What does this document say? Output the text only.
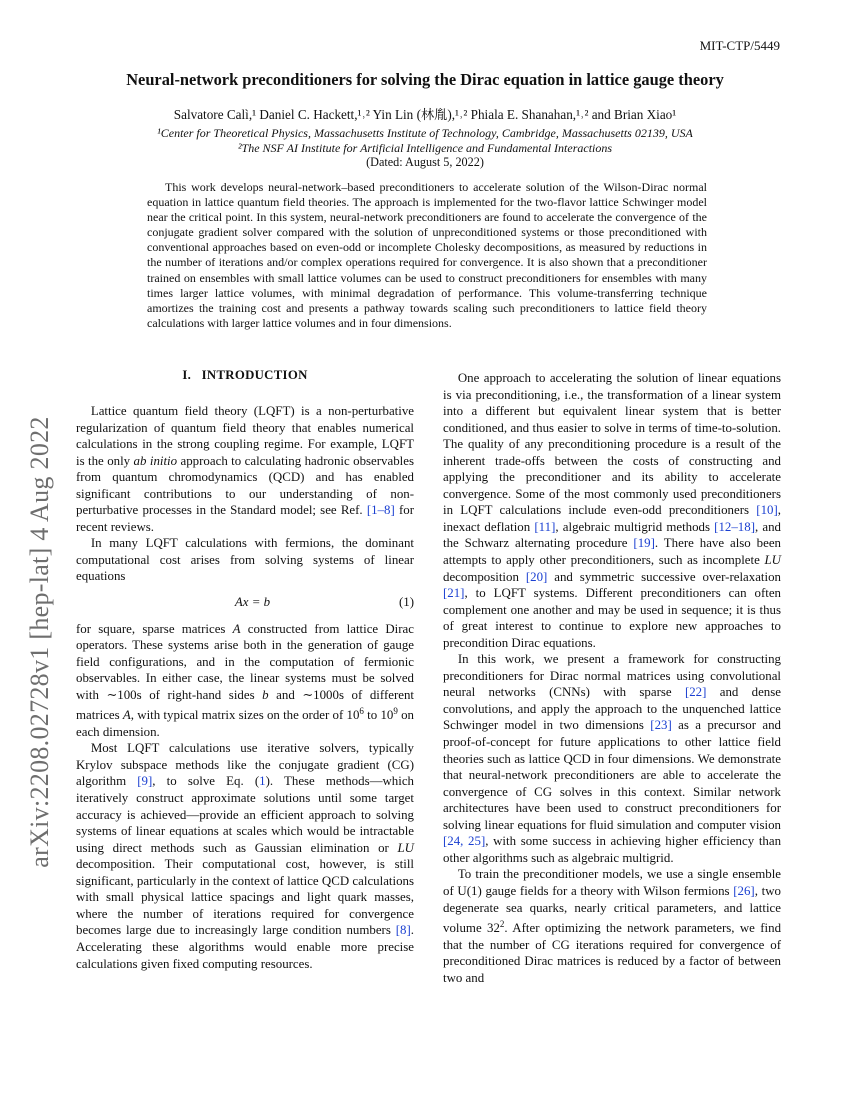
MIT-CTP/5449
Neural-network preconditioners for solving the Dirac equation in lattice gauge theory
Salvatore Calì,¹ Daniel C. Hackett,¹˒² Yin Lin (林胤),¹˒² Phiala E. Shanahan,¹˒² and Brian Xiao¹
¹Center for Theoretical Physics, Massachusetts Institute of Technology, Cambridge, Massachusetts 02139, USA
²The NSF AI Institute for Artificial Intelligence and Fundamental Interactions
(Dated: August 5, 2022)
This work develops neural-network–based preconditioners to accelerate solution of the Wilson-Dirac normal equation in lattice quantum field theories. The approach is implemented for the two-flavor lattice Schwinger model near the critical point. In this system, neural-network preconditioners are found to accelerate the convergence of the conjugate gradient solver compared with the solution of unpreconditioned systems or those preconditioned with conventional approaches based on even-odd or incomplete Cholesky decompositions, as measured by reductions in the number of iterations and/or complex operations required for convergence. It is also shown that a preconditioner trained on ensembles with small lattice volumes can be used to construct preconditioners for ensembles with many times larger lattice volumes, with minimal degradation of performance. This volume-transferring technique amortizes the training cost and presents a pathway towards scaling such preconditioners to lattice field theory calculations with larger lattice volumes and in four dimensions.
arXiv:2208.02728v1 [hep-lat] 4 Aug 2022
I. INTRODUCTION

Lattice quantum field theory (LQFT) is a non-perturbative regularization of quantum field theory that enables numerical calculations in the strong coupling regime. For example, LQFT is the only ab initio approach to calculating hadronic observables from quantum chromodynamics (QCD) and has enabled significant contributions to our understanding of non-perturbative processes in the Standard model; see Ref. [1–8] for recent reviews.

In many LQFT calculations with fermions, the dominant computational cost arises from solving systems of linear equations

Ax = b	(1)

for square, sparse matrices A constructed from lattice Dirac operators. These systems arise both in the generation of gauge field configurations, and in the computation of fermionic observables. In either case, the linear systems must be solved with ∼100s of right-hand sides b and ∼1000s of different matrices A, with typical matrix sizes on the order of $10^6$ to $10^9$ on each dimension.

Most LQFT calculations use iterative solvers, typically Krylov subspace methods like the conjugate gradient (CG) algorithm [9], to solve Eq. (1). These methods—which iteratively construct approximate solutions until some target accuracy is achieved—provide an efficient approach to solving systems of linear equations at scales which would be intractable using direct methods such as Gaussian elimination or LU decomposition. Their computational cost, however, is still significant, particularly in the context of lattice QCD calculations with small physical lattice spacings and light quark masses, where the number of iterations required for convergence becomes large due to increasingly large condition numbers [8]. Accelerating these algorithms would enable more precise calculations given fixed computing resources.

One approach to accelerating the solution of linear equations is via preconditioning, i.e., the transformation of a linear system into a different but equivalent linear system that is better conditioned, and thus easier to solve in terms of time-to-solution. The quality of any preconditioning procedure is a result of the inherent trade-offs between the costs of constructing and applying the preconditioner and its ability to accelerate convergence. Some of the most commonly used preconditioners in LQFT calculations include even-odd preconditioners [10], inexact deflation [11], algebraic multigrid methods [12–18], and the Schwarz alternating procedure [19]. There have also been attempts to apply other preconditioners, such as incomplete LU decomposition [20] and symmetric successive over-relaxation [21], to LQFT systems. Different preconditioners can often complement one another and may be used in sequence; it is thus of great interest to continue to explore new approaches to precondition Dirac equations.

In this work, we present a framework for constructing preconditioners for Dirac normal matrices using convolutional neural networks (CNNs) with sparse [22] and dense convolutions, and apply the approach to the unquenched lattice Schwinger model in two dimensions [23] as a precursor and proof-of-concept for future applications to other lattice field theories such as lattice QCD in four dimensions. We demonstrate that neural-network preconditioners are able to accelerate the convergence of CG solves in this context. Similar network architectures have been used to construct preconditioners for solving linear equations for fluid simulation and computer vision [24, 25], with some success in achieving higher efficiency than other algorithms such as algebraic multigrid.

To train the preconditioner models, we use a single ensemble of U(1) gauge fields for a theory with Wilson fermions [26], two degenerate sea quarks, nearly critical parameters, and lattice volume $32^2$. After optimizing the network parameters, we find that the number of CG iterations required for convergence of preconditioned Dirac matrices is reduced by a factor of between two and
